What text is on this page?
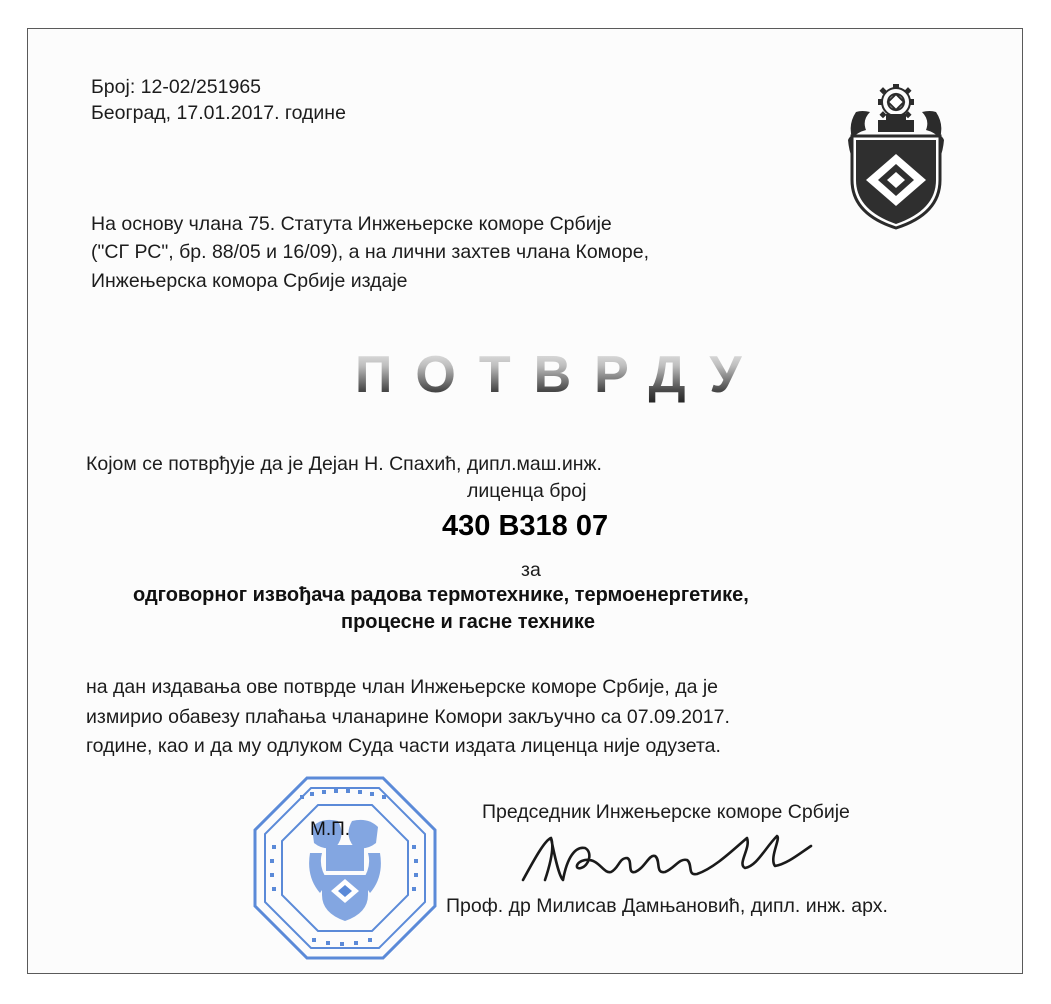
Број: 12-02/251965
Београд, 17.01.2017. године
На основу члана 75. Статута Инжењерске коморе Србије
("СГ РС", бр. 88/05 и 16/09), а на лични захтев члана Коморе,
Инжењерска комора Србије издаје
ПОТВРДУ
Којом се потврђује да је Дејан Н. Спахић, дипл.маш.инж.
лиценца број
430 В318 07
за
одговорног извођача радова термотехнике, термоенергетике,
процесне и гасне технике
на дан издавања ове потврде члан Инжењерске коморе Србије, да је
измирио обавезу плаћања чланарине Комори закључно са 07.09.2017.
године, као и да му одлуком Суда части издата лиценца није одузета.
М.П.
Председник Инжењерске коморе Србије
Проф. др Милисав Дамњановић, дипл. инж. арх.
